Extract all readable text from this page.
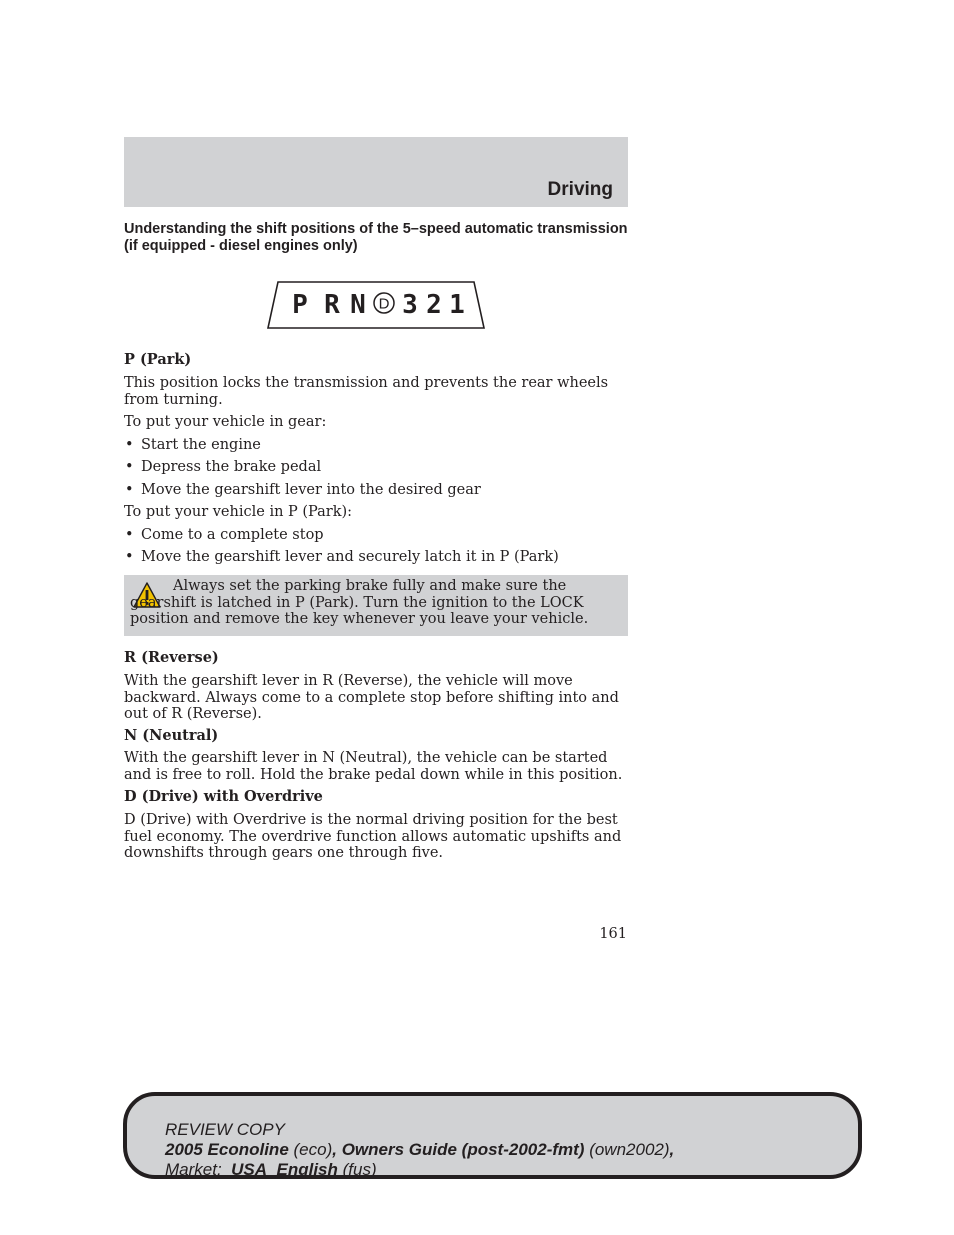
Driving
Understanding the shift positions of the 5–speed automatic transmission (if equipped - diesel engines only)
P R N D 3 2 1
P (Park)
This position locks the transmission and prevents the rear wheels from turning.
To put your vehicle in gear:
• Start the engine
• Depress the brake pedal
• Move the gearshift lever into the desired gear
To put your vehicle in P (Park):
• Come to a complete stop
• Move the gearshift lever and securely latch it in P (Park)
Always set the parking brake fully and make sure the gearshift is latched in P (Park). Turn the ignition to the LOCK position and remove the key whenever you leave your vehicle.
R (Reverse)
With the gearshift lever in R (Reverse), the vehicle will move backward. Always come to a complete stop before shifting into and out of R (Reverse).
N (Neutral)
With the gearshift lever in N (Neutral), the vehicle can be started and is free to roll. Hold the brake pedal down while in this position.
D (Drive) with Overdrive
D (Drive) with Overdrive is the normal driving position for the best fuel economy. The overdrive function allows automatic upshifts and downshifts through gears one through five.
161
REVIEW COPY
2005 Econoline (eco), Owners Guide (post-2002-fmt) (own2002),
Market: USA_English (fus)
